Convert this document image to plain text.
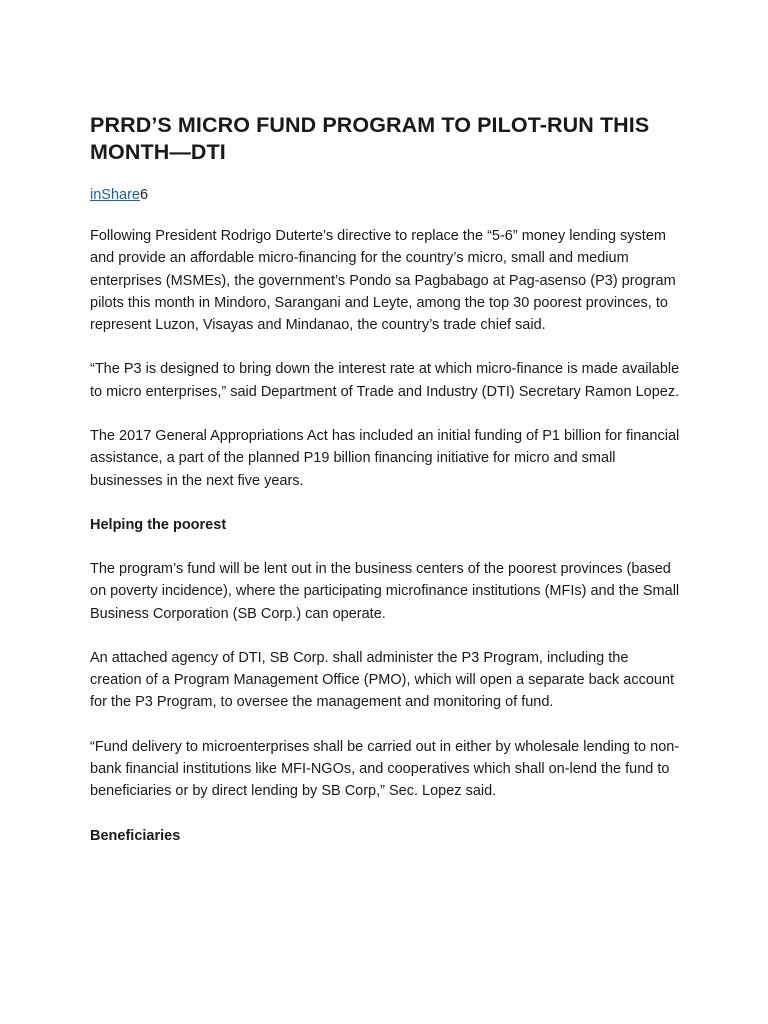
PRRD’S MICRO FUND PROGRAM TO PILOT-RUN THIS MONTH—DTI
inShare6

Following President Rodrigo Duterte’s directive to replace the “5-6” money lending system and provide an affordable micro-financing for the country’s micro, small and medium enterprises (MSMEs), the government’s Pondo sa Pagbabago at Pag-asenso (P3) program pilots this month in Mindoro, Sarangani and Leyte, among the top 30 poorest provinces, to represent Luzon, Visayas and Mindanao, the country’s trade chief said.

“The P3 is designed to bring down the interest rate at which micro-finance is made available to micro enterprises,” said Department of Trade and Industry (DTI) Secretary Ramon Lopez.

The 2017 General Appropriations Act has included an initial funding of P1 billion for financial assistance, a part of the planned P19 billion financing initiative for micro and small businesses in the next five years.

Helping the poorest

The program’s fund will be lent out in the business centers of the poorest provinces (based on poverty incidence), where the participating microfinance institutions (MFIs) and the Small Business Corporation (SB Corp.) can operate.

An attached agency of DTI, SB Corp. shall administer the P3 Program, including the creation of a Program Management Office (PMO), which will open a separate back account for the P3 Program, to oversee the management and monitoring of fund.

“Fund delivery to microenterprises shall be carried out in either by wholesale lending to non-bank financial institutions like MFI-NGOs, and cooperatives which shall on-lend the fund to beneficiaries or by direct lending by SB Corp,” Sec. Lopez said.

Beneficiaries
